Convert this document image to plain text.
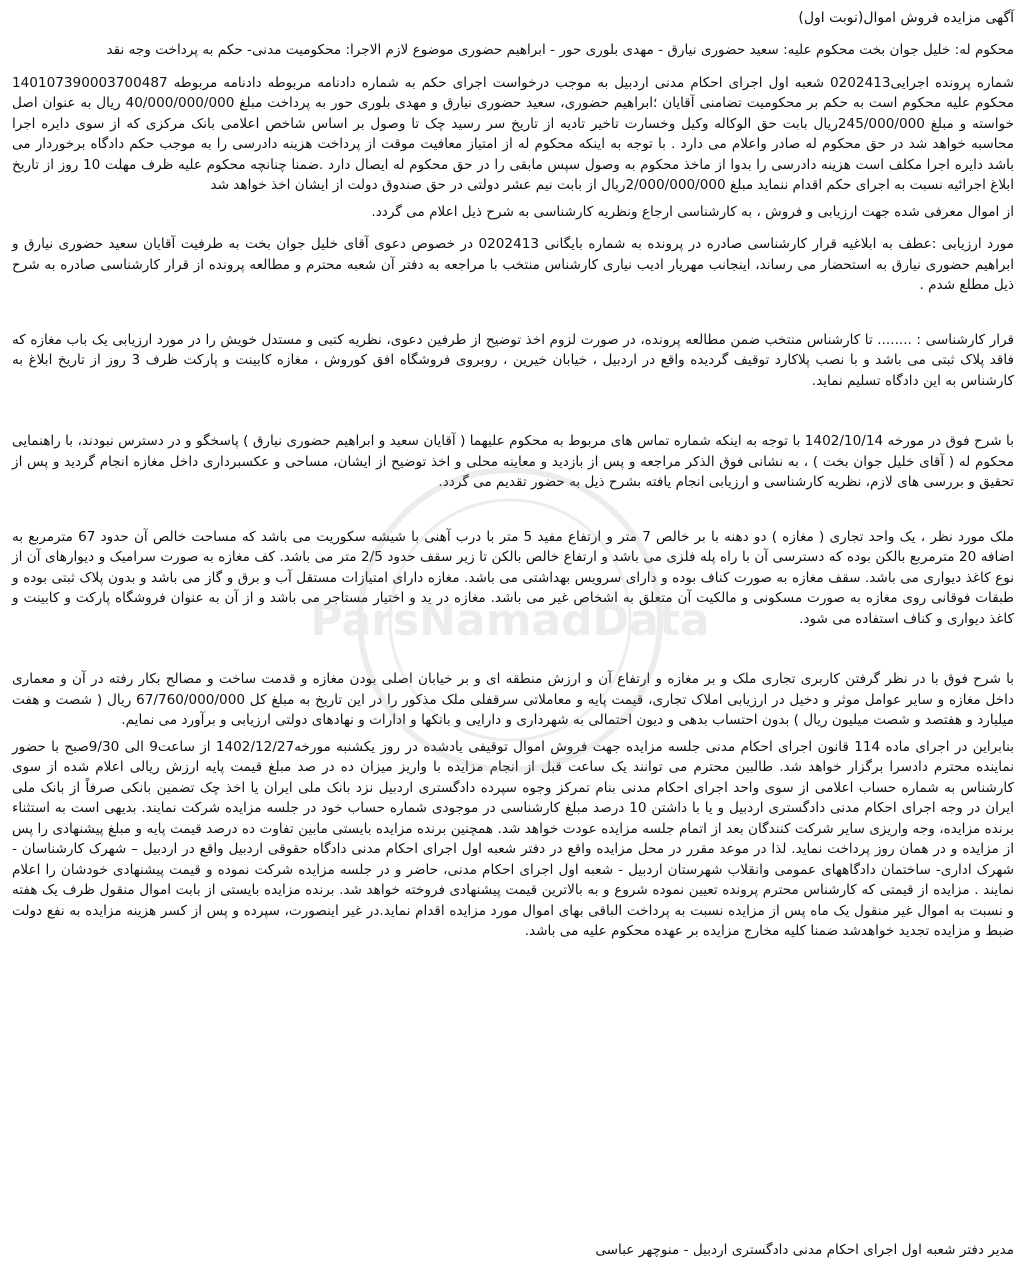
ParsNamadData
آگهی مزایده فروش اموال(نوبت اول)

محکوم له: خلیل جوان بخت محکوم علیه: سعید حضوری نیارق - مهدی بلوری حور - ابراهیم حضوری موضوع لازم الاجرا: محکومیت مدنی- حکم به پرداخت وجه نقد

شماره پرونده اجرایی0202413 شعبه اول اجرای احکام مدنی اردبیل به موجب درخواست اجرای حکم به شماره دادنامه مربوطه دادنامه مربوطه 140107390003700487 محکوم علیه محکوم است به حکم بر محکومیت تضامنی آقایان ؛ابراهیم حضوری، سعید حضوری نیارق و مهدی بلوری حور به پرداخت مبلغ 40/000/000/000 ریال به عنوان اصل خواسته و مبلغ 245/000/000ریال بابت حق الوکاله وکیل وخسارت تاخیر تادیه از تاریخ سر رسید چک تا وصول بر اساس شاخص اعلامی بانک مرکزی که از سوی دایره اجرا محاسبه خواهد شد در حق محکوم له صادر واعلام می دارد . با توجه به اینکه محکوم له از امتیاز معافیت موقت از پرداخت هزینه دادرسی را به موجب حکم دادگاه برخوردار می باشد دایره اجرا مکلف است هزینه دادرسی را بدوا از ماخذ محکوم به وصول سپس مابقی را در حق محکوم له ایصال دارد .ضمنا چنانچه محکوم علیه ظرف مهلت 10 روز از تاریخ ابلاغ اجرائیه نسبت به اجرای حکم اقدام ننماید مبلغ 2/000/000/000ریال از بابت نیم عشر دولتی در حق صندوق دولت از ایشان اخذ خواهد شد

از اموال معرفی شده جهت ارزیابی و فروش ، به کارشناسی ارجاع ونظریه کارشناسی به شرح ذیل اعلام می گردد.

مورد ارزیابی :عطف به ابلاغیه قرار کارشناسی صادره در پرونده به شماره بایگانی 0202413 در خصوص دعوی آقای خلیل جوان بخت به طرفیت آقایان سعید حضوری نیارق و ابراهیم حضوری نیارق به استحضار می رساند، اینجانب مهریار ادیب نیاری کارشناس منتخب با مراجعه به دفتر آن شعبه محترم و مطالعه پرونده از قرار کارشناسی صادره به شرح ذیل مطلع شدم .

قرار کارشناسی : ........ تا کارشناس منتخب ضمن مطالعه پرونده، در صورت لزوم اخذ توضیح از طرفین دعوی، نظریه کتبی و مستدل خویش را در مورد ارزیابی یک باب مغازه که فاقد پلاک ثبتی می باشد و با نصب پلاکارد توقیف گردیده واقع در اردبیل ، خیابان خیرین ، روبروی فروشگاه افق کوروش ، مغازه کابینت و پارکت ظرف 3 روز از تاریخ ابلاغ به کارشناس به این دادگاه تسلیم نماید.

با شرح فوق در مورخه 1402/10/14 با توجه به اینکه شماره تماس های مربوط به محکوم علیهما ( آقایان سعید و ابراهیم حضوری نیارق ) پاسخگو و در دسترس نبودند، با راهنمایی محکوم له ( آقای خلیل جوان بخت ) ، به نشانی فوق الذکر مراجعه و پس از بازدید و معاینه محلی و اخذ توضیح از ایشان، مساحی و عکسبرداری داخل مغازه انجام گردید و پس از تحقیق و بررسی های لازم، نظریه کارشناسی و ارزیابی انجام یافته بشرح ذیل به حضور تقدیم می گردد.

ملک مورد نظر ، یک واحد تجاری ( مغازه ) دو دهنه با بر خالص 7 متر و ارتفاع مفید 5 متر با درب آهنی با شیشه سکوریت می باشد که مساحت خالص آن حدود 67 مترمربع به اضافه 20 مترمربع بالکن بوده که دسترسی آن با راه پله فلزی می باشد و ارتفاع خالص بالکن تا زیر سقف حدود 2/5 متر می باشد. کف مغازه به صورت سرامیک و دیوارهای آن از نوع کاغذ دیواری می باشد. سقف مغازه به صورت کناف بوده و دارای سرویس بهداشتی می باشد. مغازه دارای امتیازات مستقل آب و برق و گاز می باشد و بدون پلاک ثبتی بوده و طبقات فوقانی روی مغازه به صورت مسکونی و مالکیت آن متعلق به اشخاص غیر می باشد. مغازه در ید و اختیار مستاجر می باشد و از آن به عنوان فروشگاه پارکت و کابینت و کاغذ دیواری و کناف استفاده می شود.

با شرح فوق با در نظر گرفتن کاربری تجاری ملک و بر مغازه و ارتفاع آن و ارزش منطقه ای و بر خیابان اصلی بودن مغازه و قدمت ساخت و مصالح بکار رفته در آن و معماری داخل مغازه و سایر عوامل موثر و دخیل در ارزیابی املاک تجاری، قیمت پایه و معاملاتی سرقفلی ملک مذکور را در این تاریخ به مبلغ کل 67/760/000/000 ریال ( شصت و هفت میلیارد و هفتصد و شصت میلیون ریال ) بدون احتساب بدهی و دیون احتمالی به شهرداری و دارایی و بانکها و ادارات و نهادهای دولتی ارزیابی و برآورد می نمایم.

بنابراین در اجرای ماده 114 قانون اجرای احکام مدنی جلسه مزایده جهت فروش اموال توقیفی یادشده در روز یکشنبه مورخه1402/12/27 از ساعت9 الی 9/30صبح با حضور نماینده محترم دادسرا برگزار خواهد شد. طالبین محترم می توانند یک ساعت قبل از انجام مزایده با واریز میزان ده در صد مبلغ قیمت پایه ارزش ریالی اعلام شده از سوی کارشناس به شماره حساب اعلامی از سوی واحد اجرای احکام مدنی بنام تمرکز وجوه سپرده دادگستری اردبیل نزد بانک ملی ایران یا اخذ چک تضمین بانکی صرفاً از بانک ملی ایران در وجه اجرای احکام مدنی دادگستری اردبیل و یا با داشتن 10 درصد مبلغ کارشناسی در موجودی شماره حساب خود در جلسه مزایده شرکت نمایند. بدیهی است به استثناء برنده مزایده، وجه واریزی سایر شرکت کنندگان بعد از اتمام جلسه مزایده عودت خواهد شد. همچنین برنده مزایده بایستی مابین تفاوت ده درصد قیمت پایه و مبلغ پیشنهادی را پس از مزایده و در همان روز پرداخت نماید. لذا در موعد مقرر در محل مزایده واقع در دفتر شعبه اول اجرای احکام مدنی دادگاه حقوقی اردبیل واقع در اردبیل – شهرک کارشناسان - شهرک اداری- ساختمان دادگاههای عمومی وانقلاب شهرستان اردبیل - شعبه اول اجرای احکام مدنی، حاضر و در جلسه مزایده شرکت نموده و قیمت پیشنهادی خودشان را اعلام نمایند . مزایده از قیمتی که کارشناس محترم پرونده تعیین نموده شروع و به بالاترین قیمت پیشنهادی فروخته خواهد شد. برنده مزایده بایستی از بابت اموال منقول ظرف یک هفته و نسبت به اموال غیر منقول یک ماه پس از مزایده نسبت به پرداخت الباقی بهای اموال مورد مزایده اقدام نماید.در غیر اینصورت، سپرده و پس از کسر هزینه مزایده به نفع دولت ضبط و مزایده تجدید خواهدشد ضمنا کلیه مخارج مزایده بر عهده محکوم علیه می باشد.

مدیر دفتر شعبه اول اجرای احکام مدنی دادگستری اردبیل - منوچهر عباسی
